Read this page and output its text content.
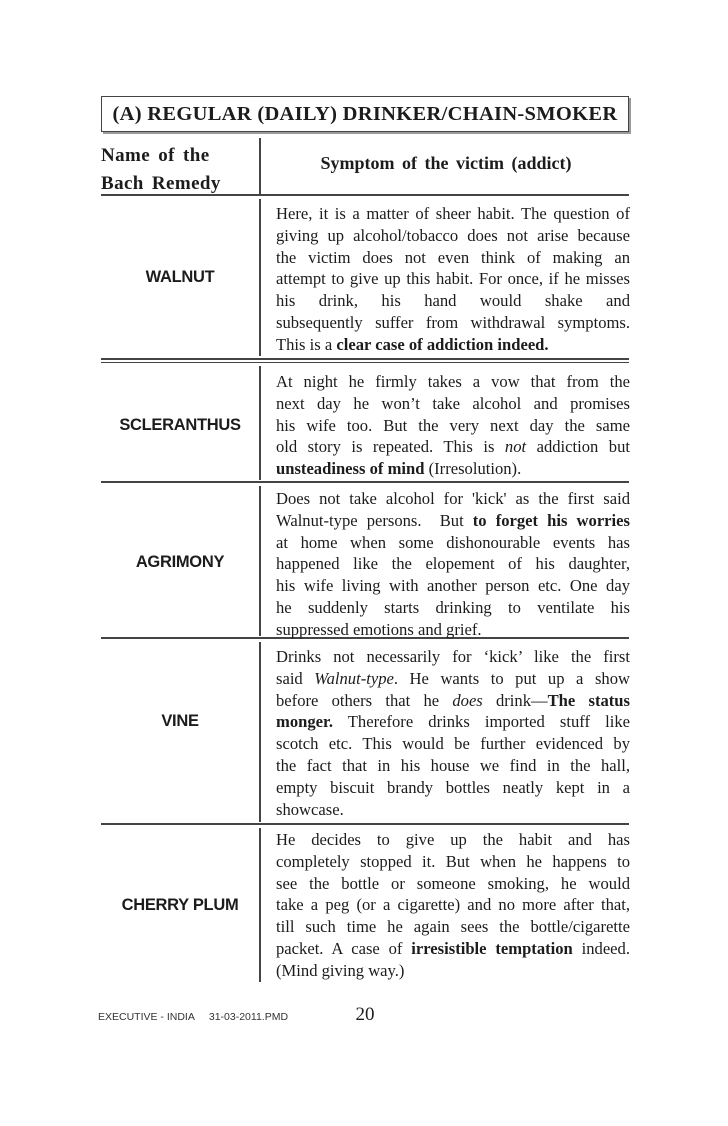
(A) REGULAR (DAILY) DRINKER/CHAIN-SMOKER
Name of the
Bach Remedy
Symptom of the victim (addict)
WALNUT
Here, it is a matter of sheer habit. The question of
giving up alcohol/tobacco does not arise because
the victim does not even think of making an
attempt to give up this habit. For once, if he misses
his drink, his hand would shake and
subsequently suffer from withdrawal symptoms.
This is a clear case of addiction indeed.
SCLERANTHUS
At night he firmly takes a vow that from the
next day he won’t take alcohol and promises
his wife too. But the very next day the same
old story is repeated. This is not addiction but
unsteadiness of mind (Irresolution).
AGRIMONY
Does not take alcohol for 'kick' as the first said
Walnut-type persons.  But to forget his worries
at home when some dishonourable events has
happened like the elopement of his daughter,
his wife living with another person etc. One day
he suddenly starts drinking to ventilate his
suppressed emotions and grief.
VINE
Drinks not necessarily for ‘kick’ like the first
said Walnut-type. He wants to put up a show
before others that he does drink—The status
monger. Therefore drinks imported stuff like
scotch etc. This would be further evidenced by
the fact that in his house we find in the hall,
empty biscuit brandy bottles neatly kept in a
showcase.
CHERRY PLUM
He decides to give up the habit and has
completely stopped it. But when he happens to
see the bottle or someone smoking, he would
take a peg (or a cigarette) and no more after that,
till such time he again sees the bottle/cigarette
packet. A case of irresistible temptation indeed.
(Mind giving way.)
EXECUTIVE - INDIA 31-03-2011.PMD	20
